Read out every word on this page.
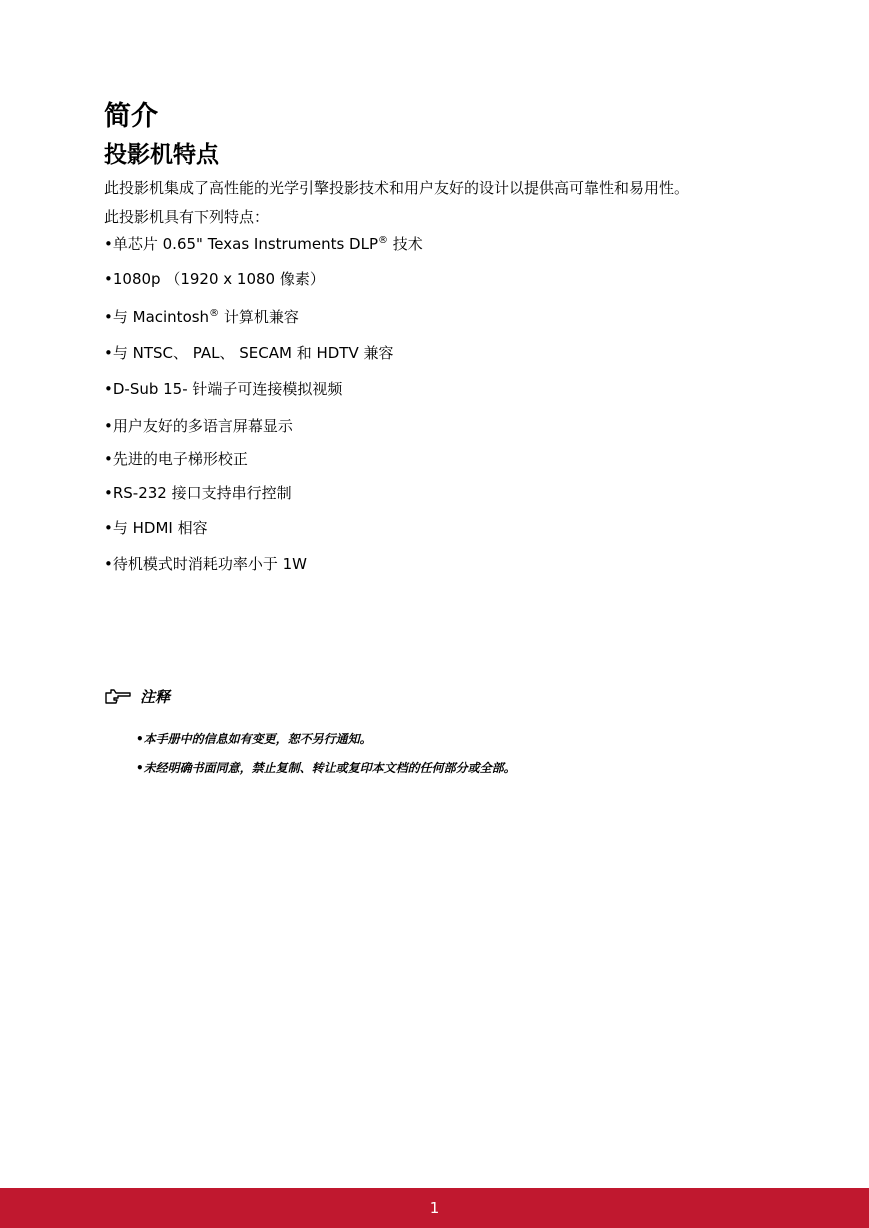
简介
投影机特点

此投影机集成了高性能的光学引擎投影技术和用户友好的设计以提供高可靠性和易用性。

此投影机具有下列特点：

• 单芯片 0.65" Texas Instruments DLP® 技术
• 1080p （1920 x 1080 像素）
• 与 Macintosh® 计算机兼容
• 与 NTSC、 PAL、 SECAM 和 HDTV 兼容
• D-Sub 15- 针端子可连接模拟视频
• 用户友好的多语言屏幕显示
• 先进的电子梯形校正
• RS-232 接口支持串行控制
• 与 HDMI 相容
• 待机模式时消耗功率小于 1W
注释
• 本手册中的信息如有变更，恕不另行通知。
• 未经明确书面同意，禁止复制、转让或复印本文档的任何部分或全部。
1
